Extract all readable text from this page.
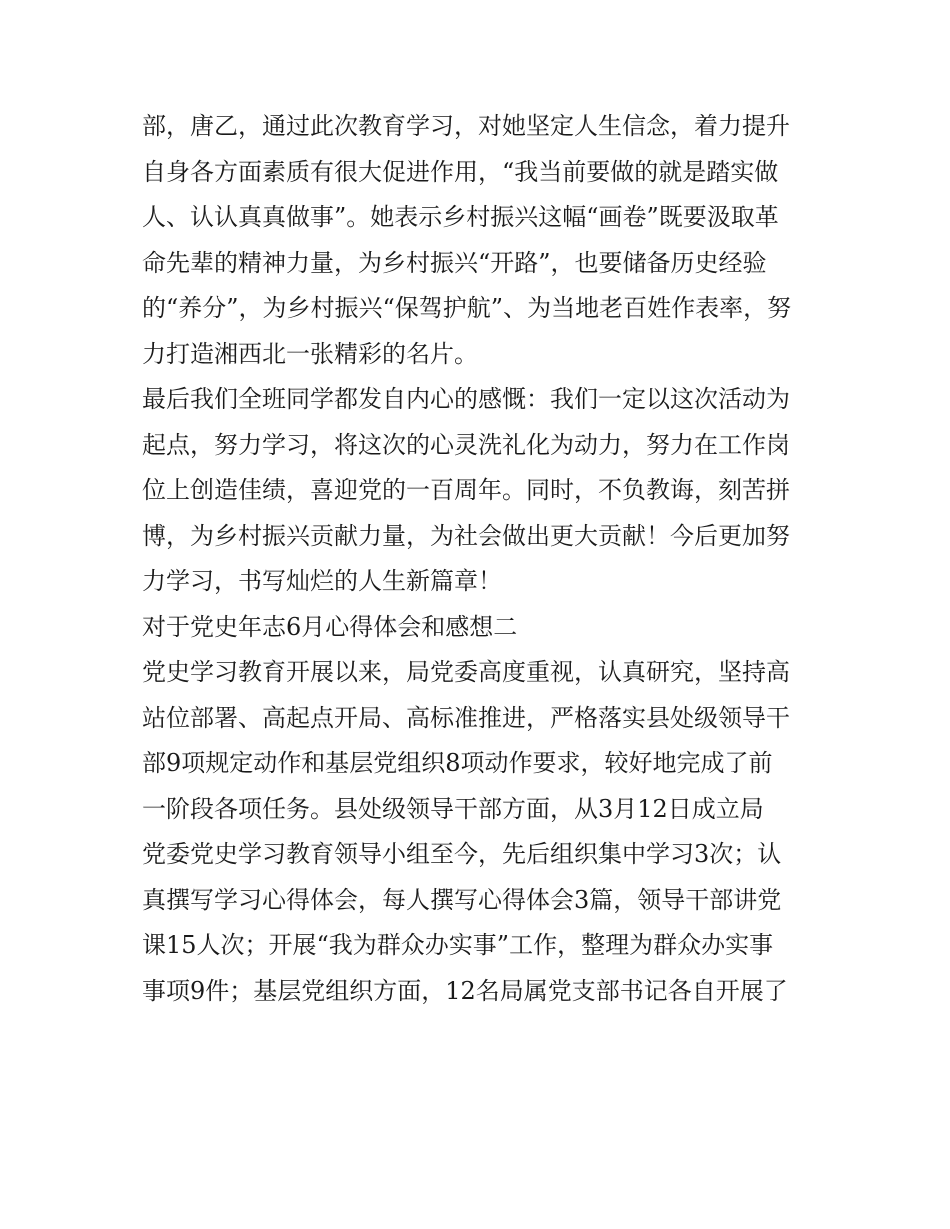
部，唐乙，通过此次教育学习，对她坚定人生信念，着力提升
自身各方面素质有很大促进作用，“我当前要做的就是踏实做
人、认认真真做事”。她表示乡村振兴这幅“画卷”既要汲取革
命先辈的精神力量，为乡村振兴“开路”，也要储备历史经验
的“养分”，为乡村振兴“保驾护航”、为当地老百姓作表率，努
力打造湘西北一张精彩的名片。
最后我们全班同学都发自内心的感慨：我们一定以这次活动为
起点，努力学习，将这次的心灵洗礼化为动力，努力在工作岗
位上创造佳绩，喜迎党的一百周年。同时，不负教诲，刻苦拼
博，为乡村振兴贡献力量，为社会做出更大贡献！今后更加努
力学习，书写灿烂的人生新篇章！
对于党史年志6月心得体会和感想二
党史学习教育开展以来，局党委高度重视，认真研究，坚持高
站位部署、高起点开局、高标准推进，严格落实县处级领导干
部9项规定动作和基层党组织8项动作要求，较好地完成了前
一阶段各项任务。县处级领导干部方面，从3月12日成立局
党委党史学习教育领导小组至今，先后组织集中学习3次；认
真撰写学习心得体会，每人撰写心得体会3篇，领导干部讲党
课15人次；开展“我为群众办实事”工作，整理为群众办实事
事项9件；基层党组织方面，12名局属党支部书记各自开展了
